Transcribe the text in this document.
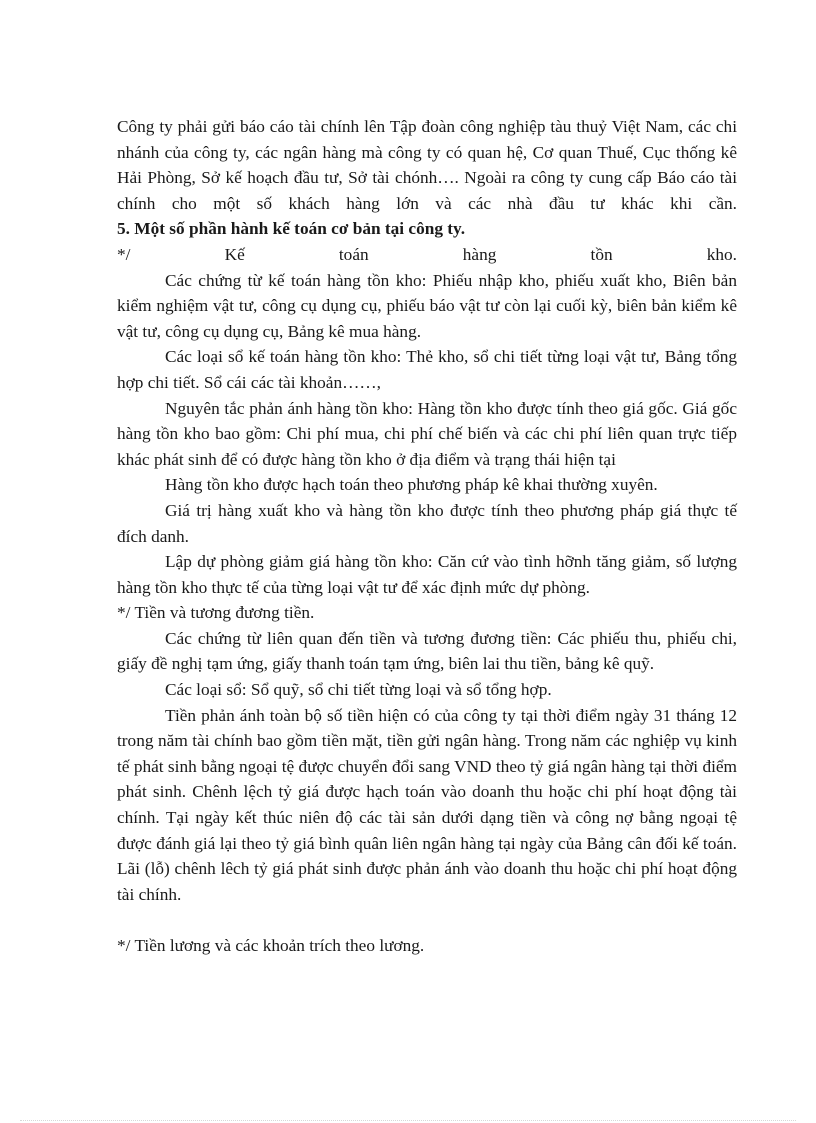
Công ty phải gửi báo cáo tài chính lên Tập đoàn công nghiệp tàu thuỷ Việt Nam, các chi nhánh của công ty, các ngân hàng mà công ty có quan hệ, Cơ quan Thuế, Cục thống kê Hải Phòng, Sở kế hoạch đầu tư, Sở tài chónh…. Ngoài ra công ty cung cấp Báo cáo tài chính cho một số khách hàng lớn và các nhà đầu tư khác khi cần.

5. Một số phần hành kế toán cơ bản tại công ty.

*/ Kế toán hàng tồn kho.

Các chứng từ kế toán hàng tồn kho: Phiếu nhập kho, phiếu xuất kho, Biên bản kiểm nghiệm vật tư, công cụ dụng cụ, phiếu báo vật tư còn lại cuối kỳ, biên bản kiểm kê vật tư, công cụ dụng cụ, Bảng kê mua hàng.

Các loại sổ kế toán hàng tồn kho: Thẻ kho, sổ chi tiết từng loại vật tư, Bảng tổng hợp chi tiết. Sổ cái các tài khoản……,

Nguyên tắc phản ánh hàng tồn kho: Hàng tồn kho được tính theo giá gốc. Giá gốc hàng tồn kho bao gồm: Chi phí mua, chi phí chế biến và các chi phí liên quan trực tiếp khác phát sinh để có được hàng tồn kho ở địa điểm và trạng thái hiện tại

Hàng tồn kho được hạch toán theo phương pháp kê khai thường xuyên.

Giá trị hàng xuất kho và hàng tồn kho được tính theo phương pháp giá thực tế đích danh.

Lập dự phòng giảm giá hàng tồn kho: Căn cứ vào tình hỡnh tăng giảm, số lượng hàng tồn kho thực tế của từng loại vật tư để xác định mức dự phòng.

*/ Tiền và tương đương tiền.

Các chứng từ liên quan đến tiền và tương đương tiền: Các phiếu thu, phiếu chi, giấy đề nghị tạm ứng, giấy thanh toán tạm ứng, biên lai thu tiền, bảng kê quỹ.

Các loại sổ: Sổ quỹ, sổ chi tiết từng loại và sổ tổng hợp.

Tiền phản ánh toàn bộ số tiền hiện có của công ty tại thời điểm ngày 31 tháng 12 trong năm tài chính bao gồm tiền mặt, tiền gửi ngân hàng. Trong năm các nghiệp vụ kinh tế phát sinh bằng ngoại tệ được chuyển đổi sang VND theo tỷ giá ngân hàng tại thời điểm phát sinh. Chênh lệch tỷ giá được hạch toán vào doanh thu hoặc chi phí hoạt động tài chính. Tại ngày kết thúc niên độ các tài sản dưới dạng tiền và công nợ bằng ngoại tệ được đánh giá lại theo tỷ giá bình quân liên ngân hàng tại ngày của Bảng cân đối kế toán. Lãi (lỗ) chênh lêch tỷ giá phát sinh được phản ánh vào doanh thu hoặc chi phí hoạt động tài chính.

*/ Tiền lương và các khoản trích theo lương.
